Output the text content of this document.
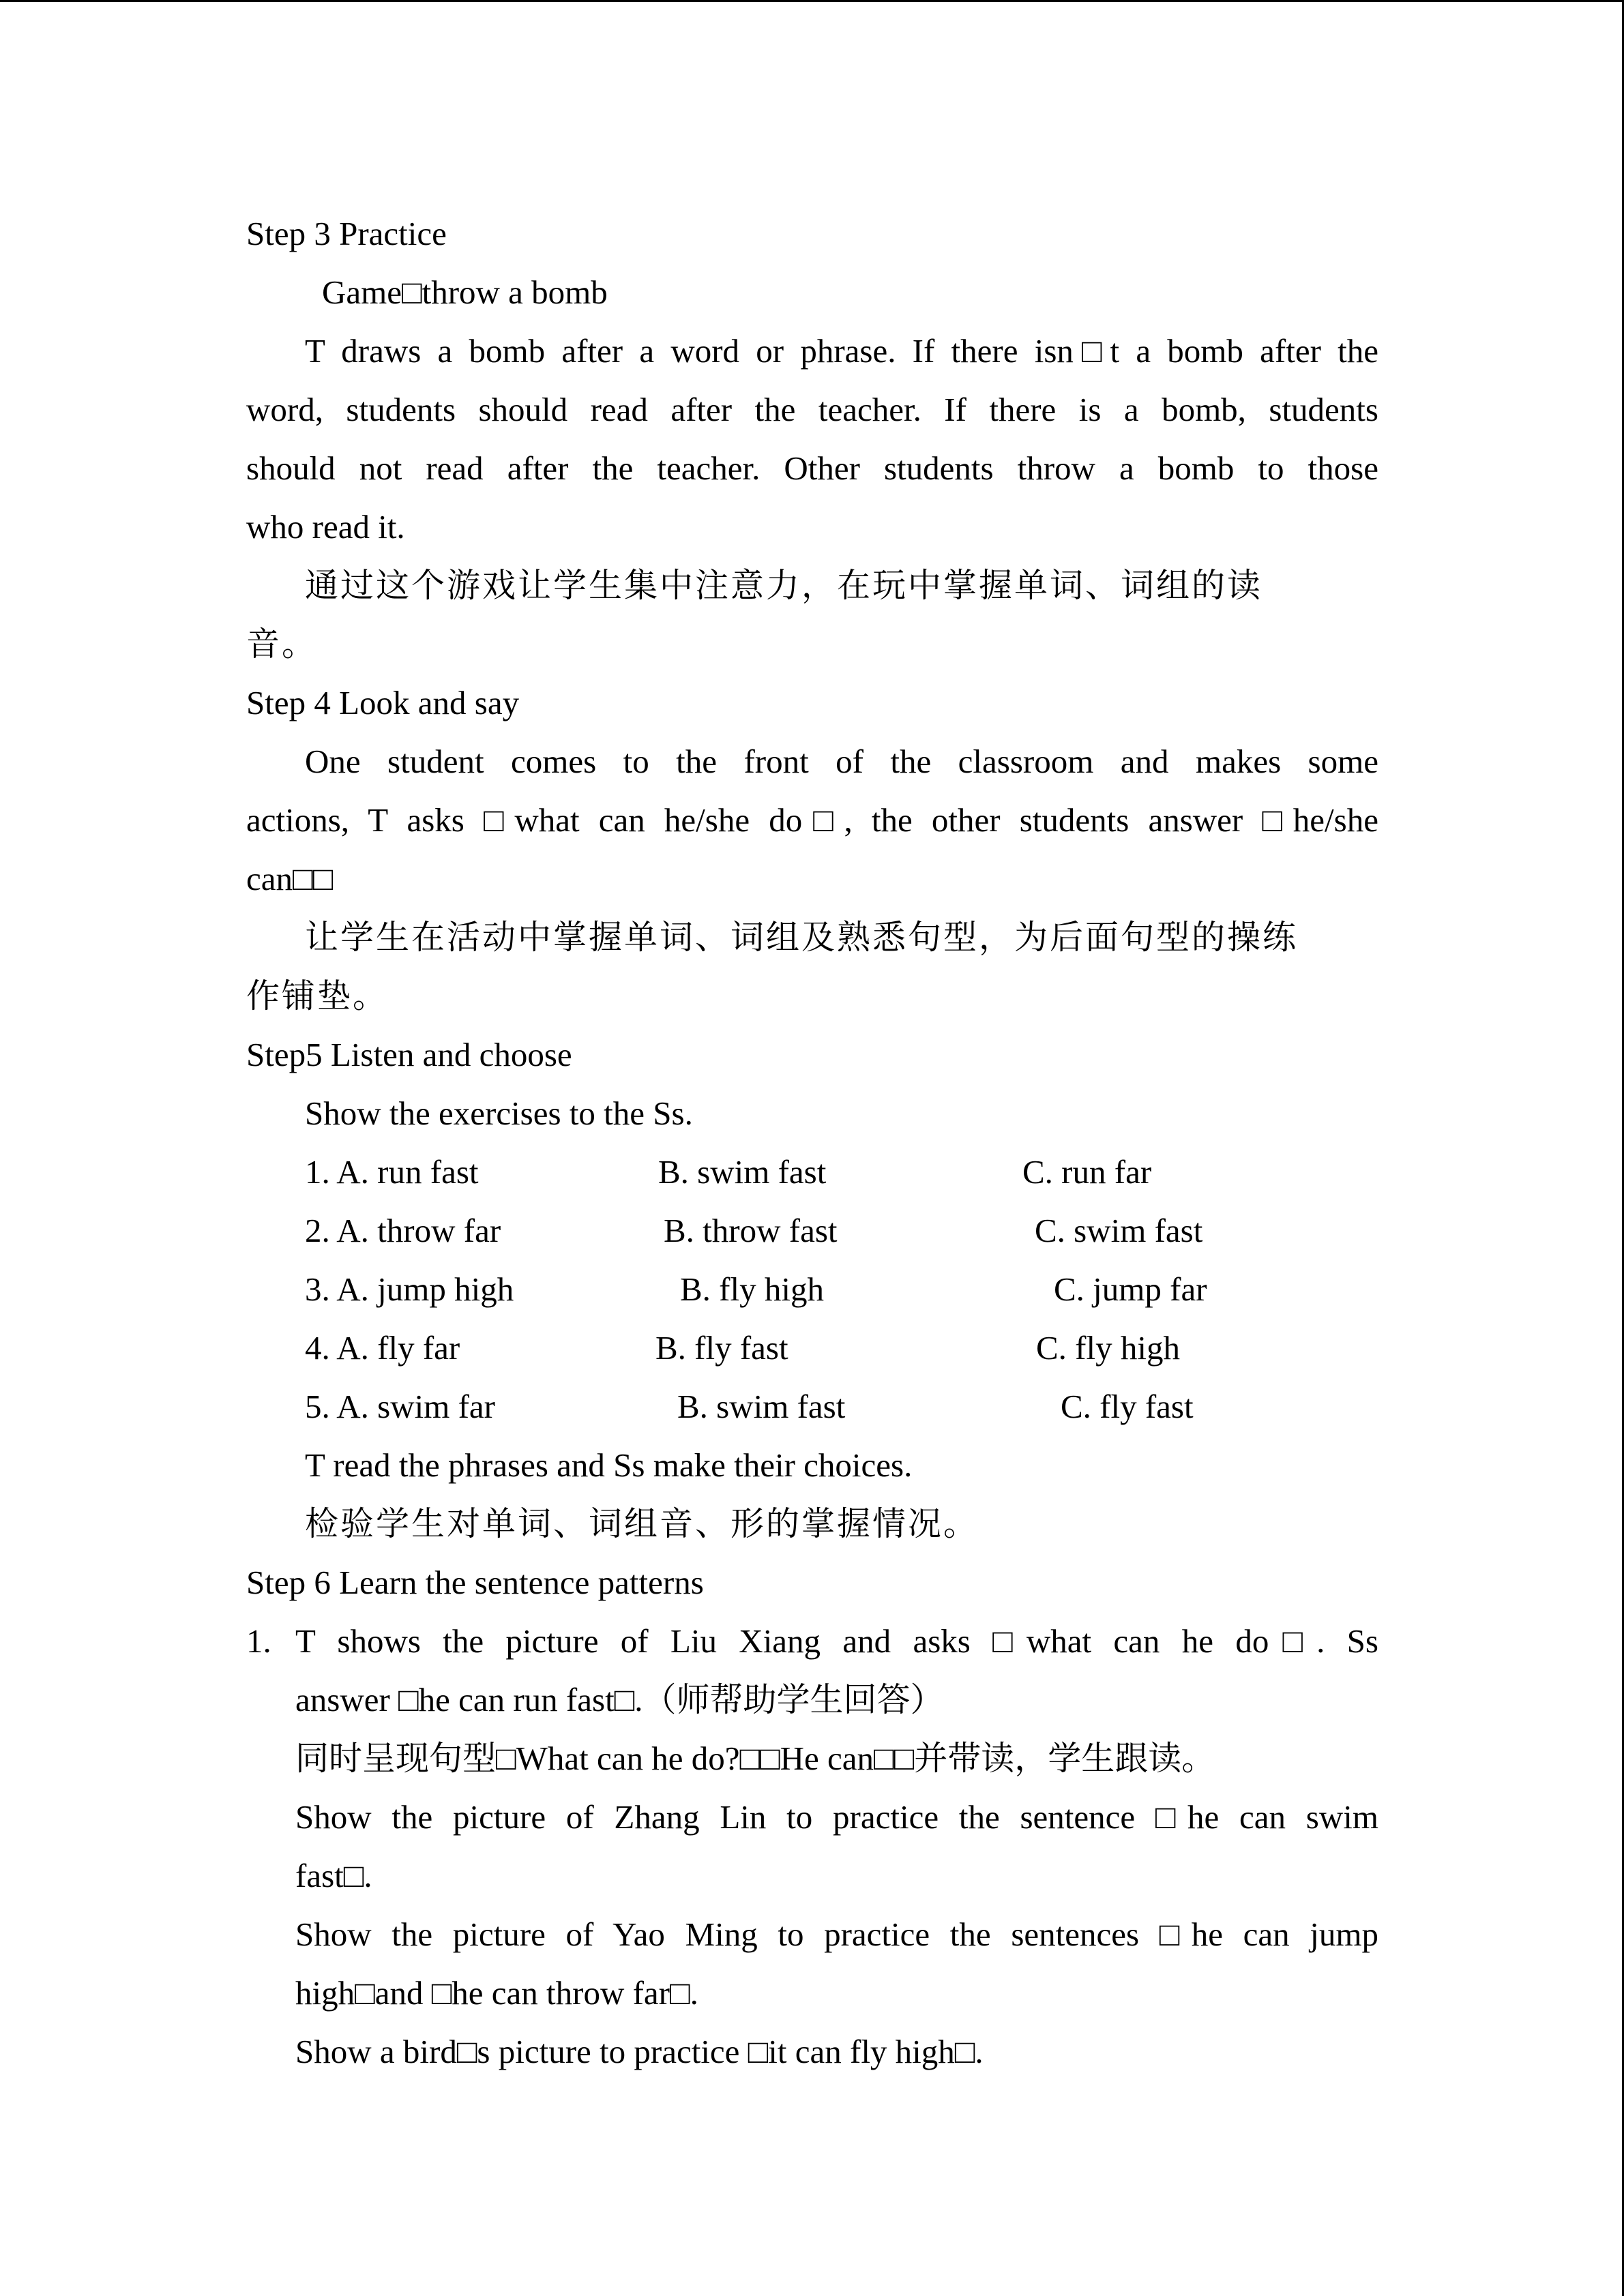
Step 3 Practice
Game□throw a bomb
T draws a bomb after a word or phrase. If there isn□t a bomb after the
word, students should read after the teacher. If there is a bomb, students
should not read after the teacher. Other students throw a bomb to those
who read it.
通过这个游戏让学生集中注意力，在玩中掌握单词、词组的读
音。
Step 4 Look and say
One student comes to the front of the classroom and makes some
actions, T asks □what can he/she do□, the other students answer □he/she
can□□
让学生在活动中掌握单词、词组及熟悉句型，为后面句型的操练
作铺垫。
Step5 Listen and choose
Show the exercises to the Ss.
1. A. run fast	B. swim fast	C. run far
2. A. throw far	B. throw fast	C. swim fast
3. A. jump high	B. fly high	C. jump far
4. A. fly far	B. fly fast	C. fly high
5. A. swim far	B. swim fast	C. fly fast
T read the phrases and Ss make their choices.
检验学生对单词、词组音、形的掌握情况。
Step 6 Learn the sentence patterns
1. T shows the picture of Liu Xiang and asks □what can he do□. Ss
answer □he can run fast□.（师帮助学生回答）
同时呈现句型□What can he do?□□He can□□并带读，学生跟读。
Show the picture of Zhang Lin to practice the sentence □he can swim
fast□.
Show the picture of Yao Ming to practice the sentences □he can jump
high□and □he can throw far□.
Show a bird□s picture to practice □it can fly high□.
